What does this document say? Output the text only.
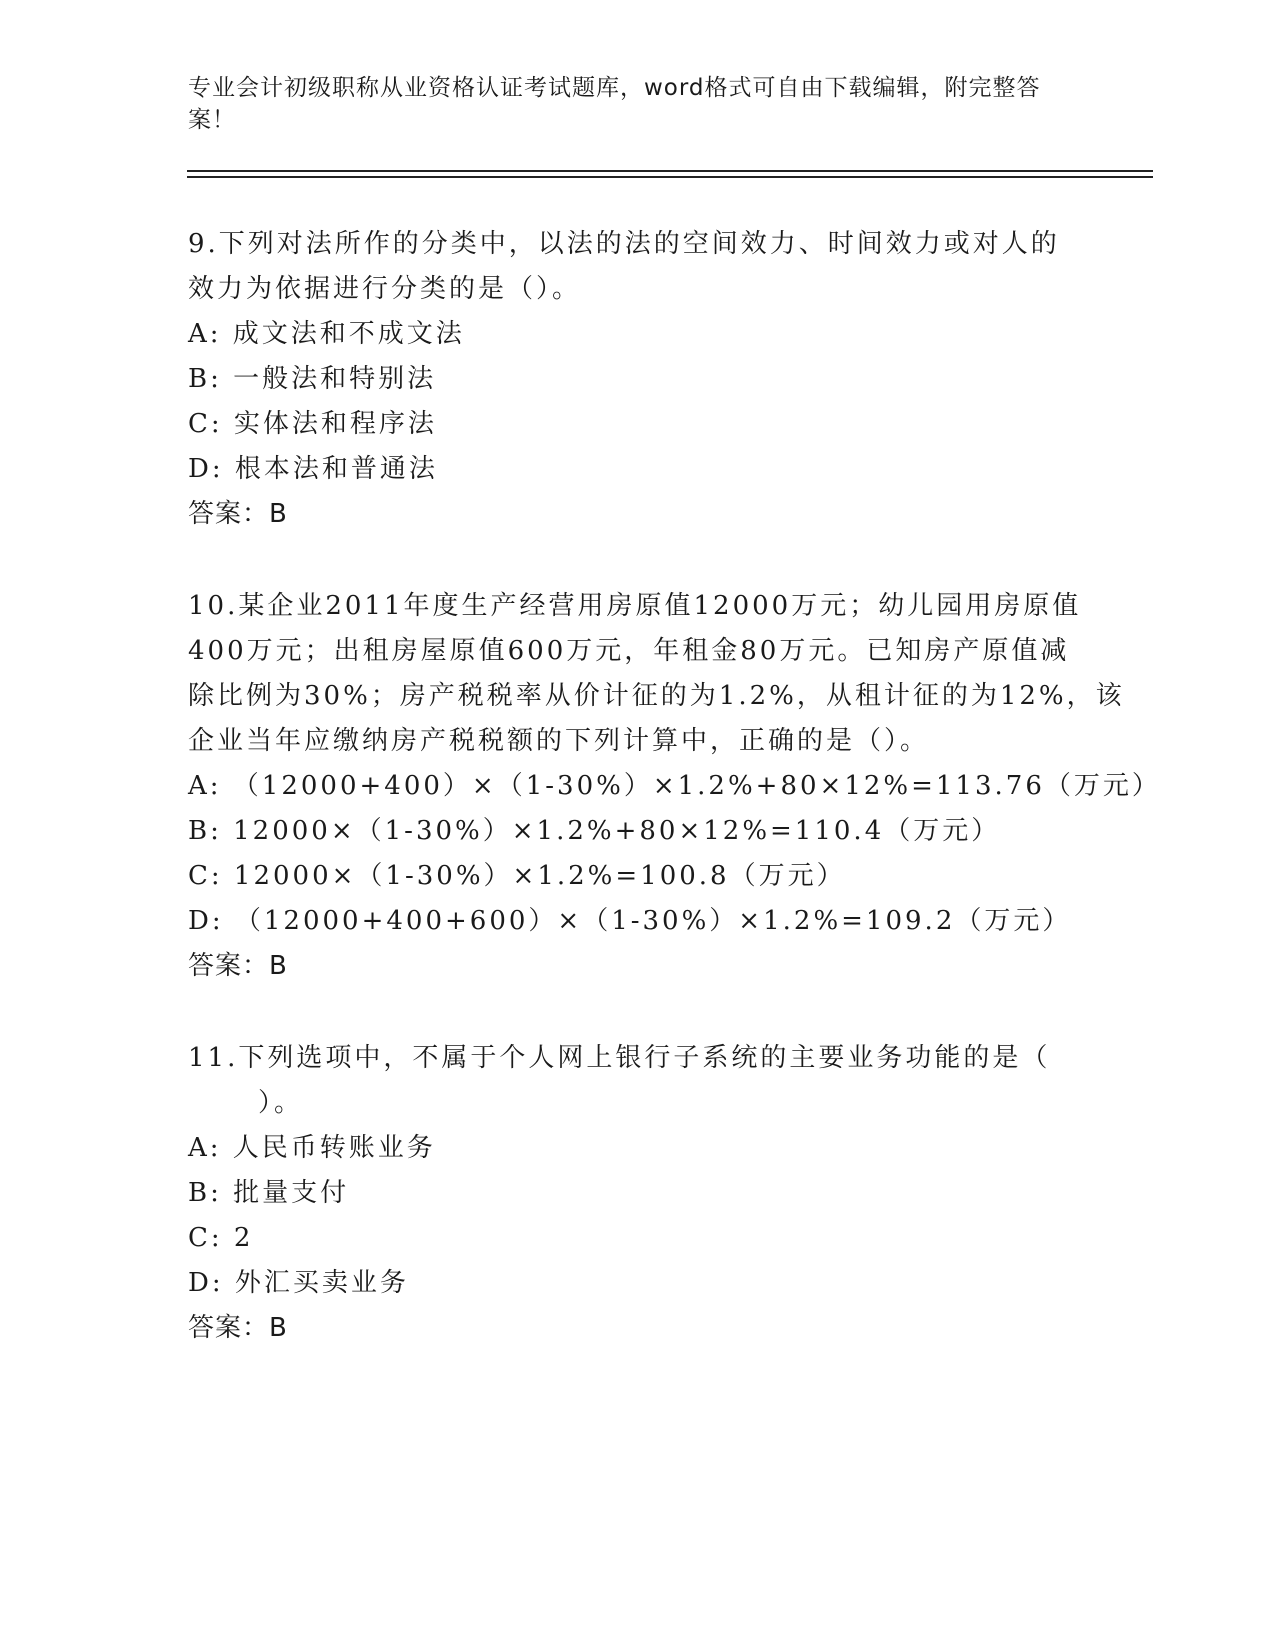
专业会计初级职称从业资格认证考试题库，word格式可自由下载编辑，附完整答案！
9.下列对法所作的分类中，以法的法的空间效力、时间效力或对人的
效力为依据进行分类的是（）。
A: 成文法和不成文法
B: 一般法和特别法
C: 实体法和程序法
D: 根本法和普通法
答案：B
10.某企业2011年度生产经营用房原值12000万元；幼儿园用房原值
400万元；出租房屋原值600万元，年租金80万元。已知房产原值减
除比例为30%；房产税税率从价计征的为1.2%，从租计征的为12%，该
企业当年应缴纳房产税税额的下列计算中，正确的是（）。
A: （12000+400）×（1-30%）×1.2%+80×12%=113.76（万元）
B: 12000×（1-30%）×1.2%+80×12%=110.4（万元）
C: 12000×（1-30%）×1.2%=100.8（万元）
D: （12000+400+600）×（1-30%）×1.2%=109.2（万元）
答案：B
11.下列选项中，不属于个人网上银行子系统的主要业务功能的是（
）。
A: 人民币转账业务
B: 批量支付
C: 2
D: 外汇买卖业务
答案：B
